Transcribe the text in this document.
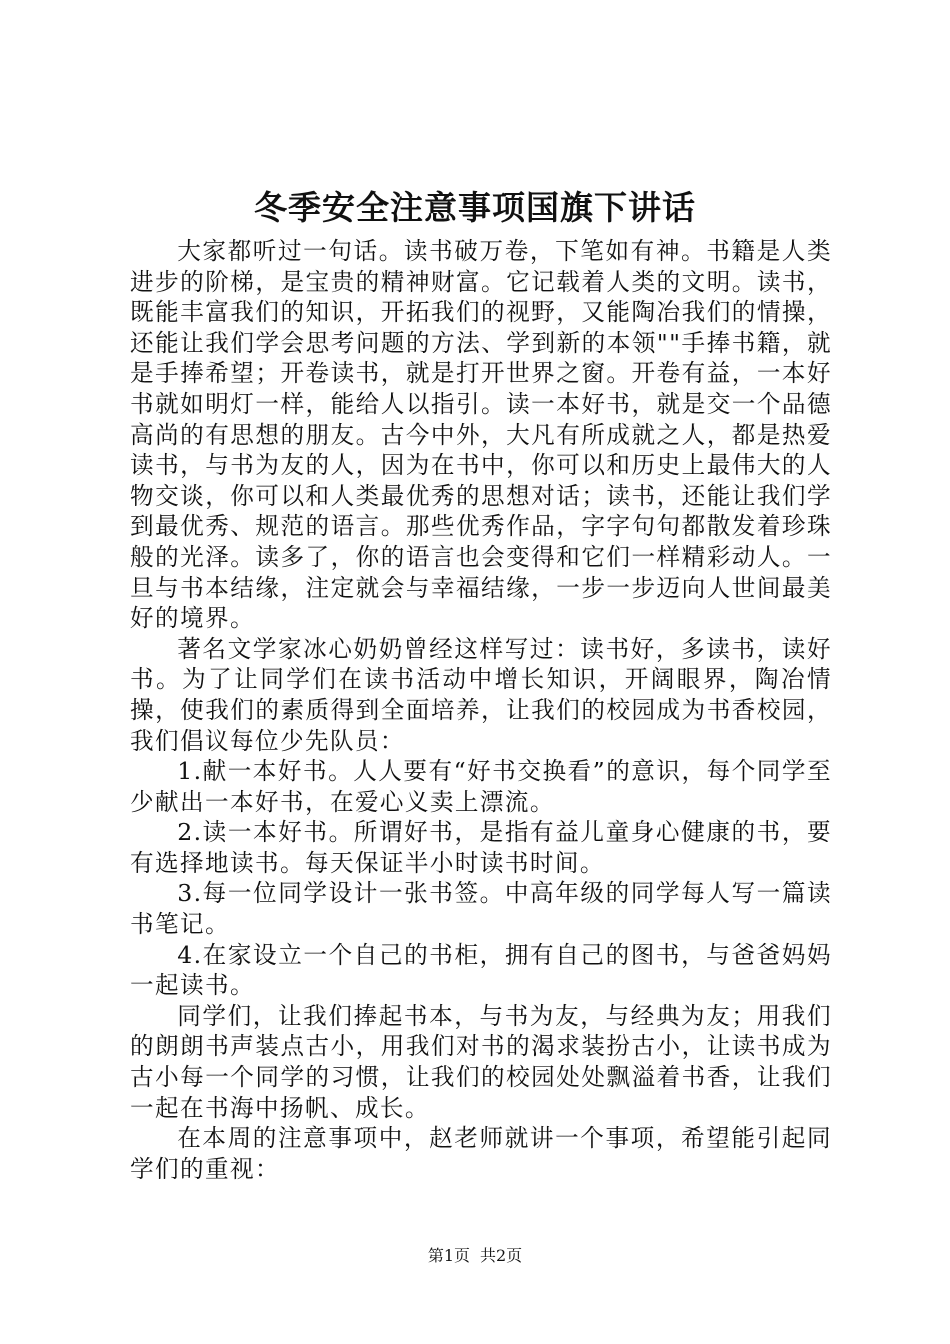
冬季安全注意事项国旗下讲话

大家都听过一句话。读书破万卷，下笔如有神。书籍是人类进步的阶梯，是宝贵的精神财富。它记载着人类的文明。读书，既能丰富我们的知识，开拓我们的视野，又能陶冶我们的情操，还能让我们学会思考问题的方法、学到新的本领""手捧书籍，就是手捧希望；开卷读书，就是打开世界之窗。开卷有益，一本好书就如明灯一样，能给人以指引。读一本好书，就是交一个品德高尚的有思想的朋友。古今中外，大凡有所成就之人，都是热爱读书，与书为友的人，因为在书中，你可以和历史上最伟大的人物交谈，你可以和人类最优秀的思想对话；读书，还能让我们学到最优秀、规范的语言。那些优秀作品，字字句句都散发着珍珠般的光泽。读多了，你的语言也会变得和它们一样精彩动人。一旦与书本结缘，注定就会与幸福结缘，一步一步迈向人世间最美好的境界。

著名文学家冰心奶奶曾经这样写过：读书好，多读书，读好书。为了让同学们在读书活动中增长知识，开阔眼界，陶冶情操，使我们的素质得到全面培养，让我们的校园成为书香校园，我们倡议每位少先队员：

1.献一本好书。人人要有“好书交换看”的意识，每个同学至少献出一本好书，在爱心义卖上漂流。

2.读一本好书。所谓好书，是指有益儿童身心健康的书，要有选择地读书。每天保证半小时读书时间。

3.每一位同学设计一张书签。中高年级的同学每人写一篇读书笔记。

4.在家设立一个自己的书柜，拥有自己的图书，与爸爸妈妈一起读书。

同学们，让我们捧起书本，与书为友，与经典为友；用我们的朗朗书声装点古小，用我们对书的渴求装扮古小，让读书成为古小每一个同学的习惯，让我们的校园处处飘溢着书香，让我们一起在书海中扬帆、成长。

在本周的注意事项中，赵老师就讲一个事项，希望能引起同学们的重视：

第1页 共2页
